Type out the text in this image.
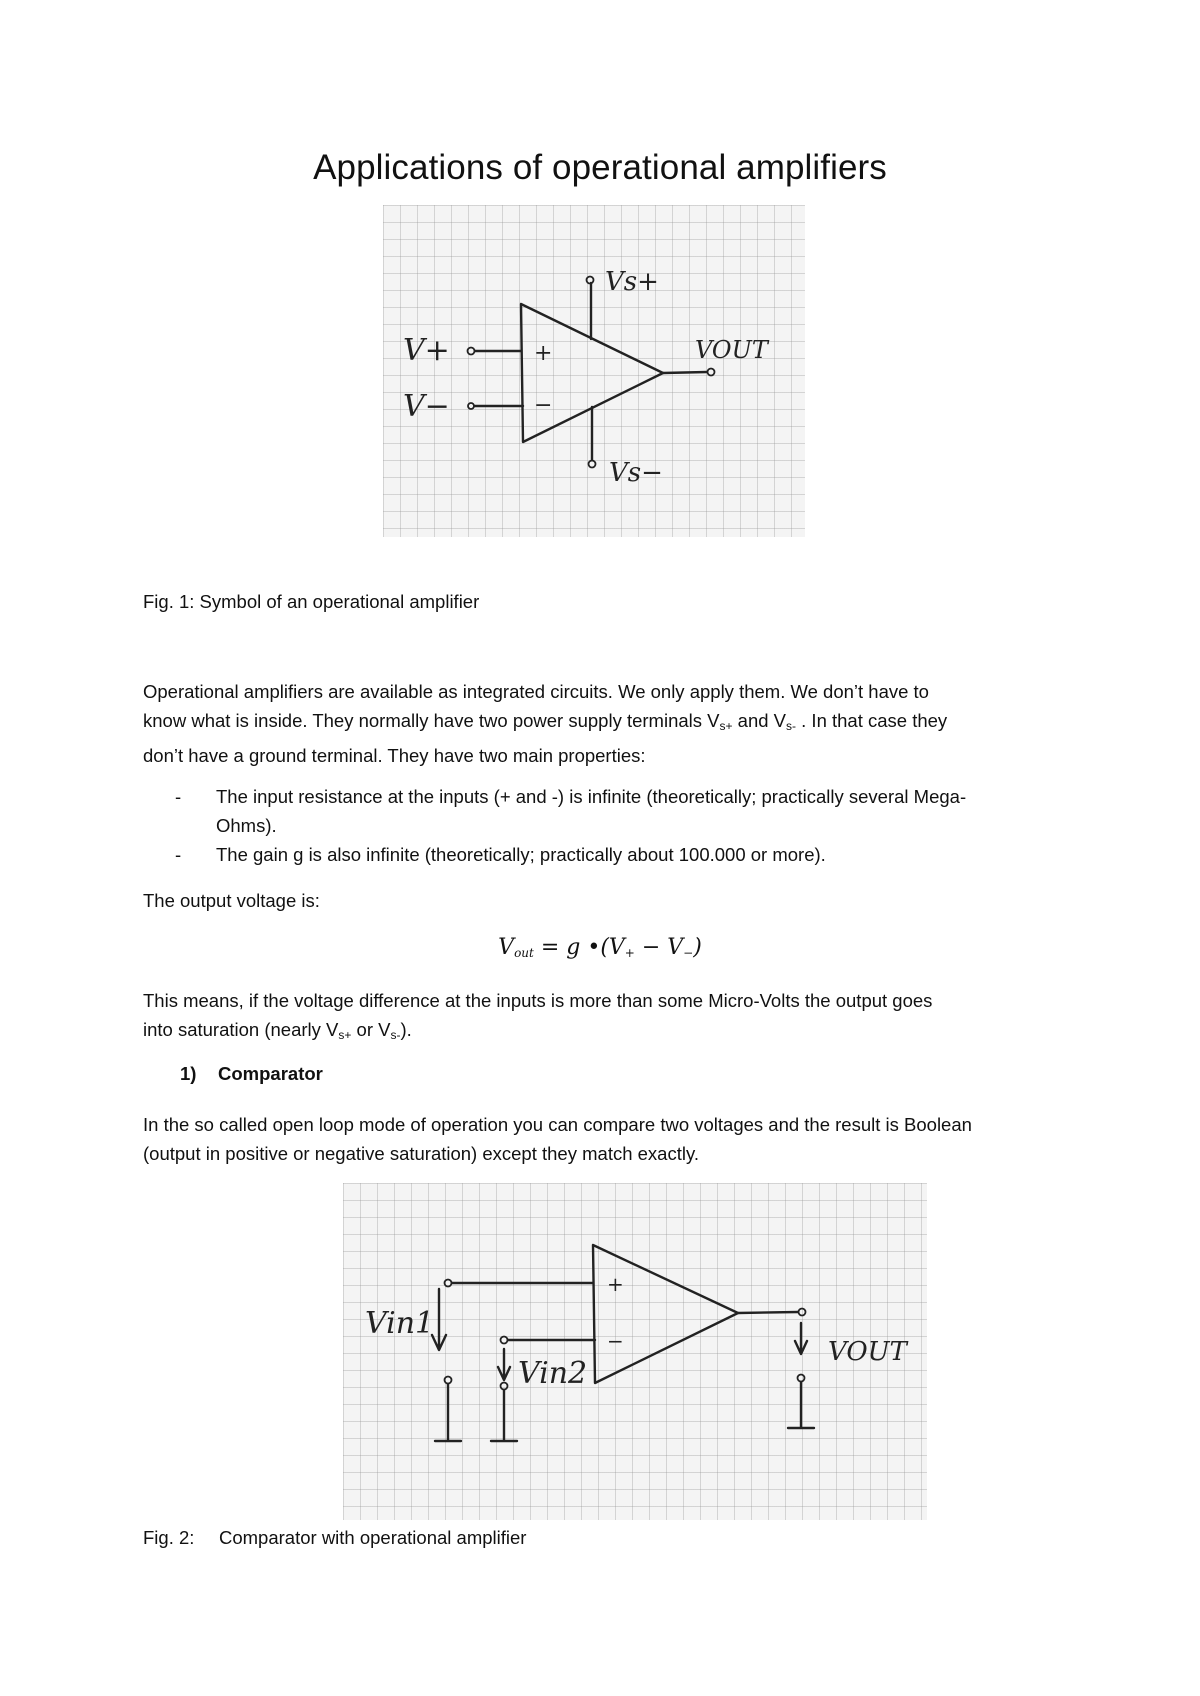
Applications of operational amplifiers
+
−
Vs+
V+
V−
VOUT
Vs−

Fig. 1: Symbol of an operational amplifier

Operational amplifiers are available as integrated circuits. We only apply them. We don’t have to
know what is inside. They normally have two power supply terminals $V_{s+}$ and $V_{s-}$ . In that case they
don’t have a ground terminal. They have two main properties:

- The input resistance at the inputs (+ and -) is infinite (theoretically; practically several Mega-
Ohms).

- The gain g is also infinite (theoretically; practically about 100.000 or more).

The output voltage is:

$V_{out} = g$ $•(V_+ - V_-)$

This means, if the voltage difference at the inputs is more than some Micro-Volts the output goes
into saturation (nearly $V_{s+}$ or $V_{s-}$).

1) Comparator

In the so called open loop mode of operation you can compare two voltages and the result is Boolean
(output in positive or negative saturation) except they match exactly.

+
−
Vin1
Vin2
VOUT

Fig. 2: Comparator with operational amplifier
